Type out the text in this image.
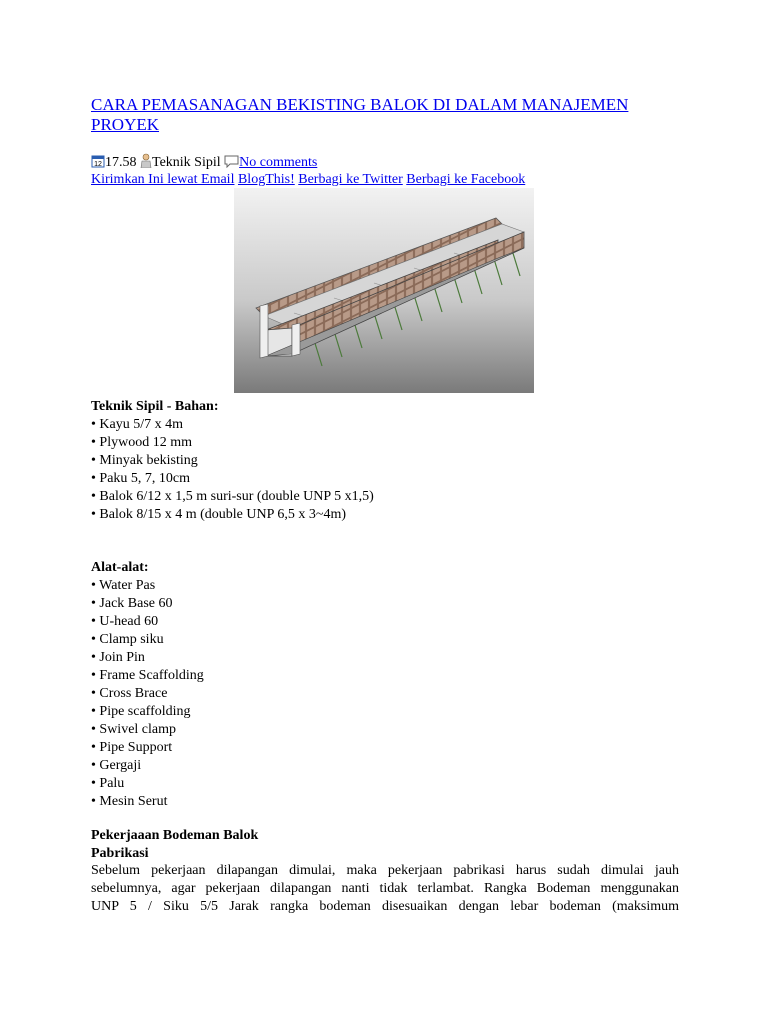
CARA PEMASANAGAN BEKISTING BALOK DI DALAM MANAJEMEN PROYEK
12 17.58 Teknik Sipil No comments
Kirimkan Ini lewat Email BlogThis! Berbagi ke Twitter Berbagi ke Facebook

Teknik Sipil - Bahan:

• Kayu 5/7 x 4m

• Plywood 12 mm

• Minyak bekisting

• Paku 5, 7, 10cm

• Balok 6/12 x 1,5 m suri-sur (double UNP 5 x1,5)

• Balok 8/15 x 4 m (double UNP 6,5 x 3~4m)

Alat-alat:

• Water Pas

• Jack Base 60

• U-head 60

• Clamp siku

• Join Pin

• Frame Scaffolding

• Cross Brace

• Pipe scaffolding

• Swivel clamp

• Pipe Support

• Gergaji

• Palu

• Mesin Serut

Pekerjaaan Bodeman Balok
Pabrikasi
Sebelum pekerjaan dilapangan dimulai, maka pekerjaan pabrikasi harus sudah dimulai jauh
sebelumnya, agar pekerjaan dilapangan nanti tidak terlambat. Rangka Bodeman menggunakan
UNP 5 / Siku 5/5 Jarak rangka bodeman disesuaikan dengan lebar bodeman (maksimum
